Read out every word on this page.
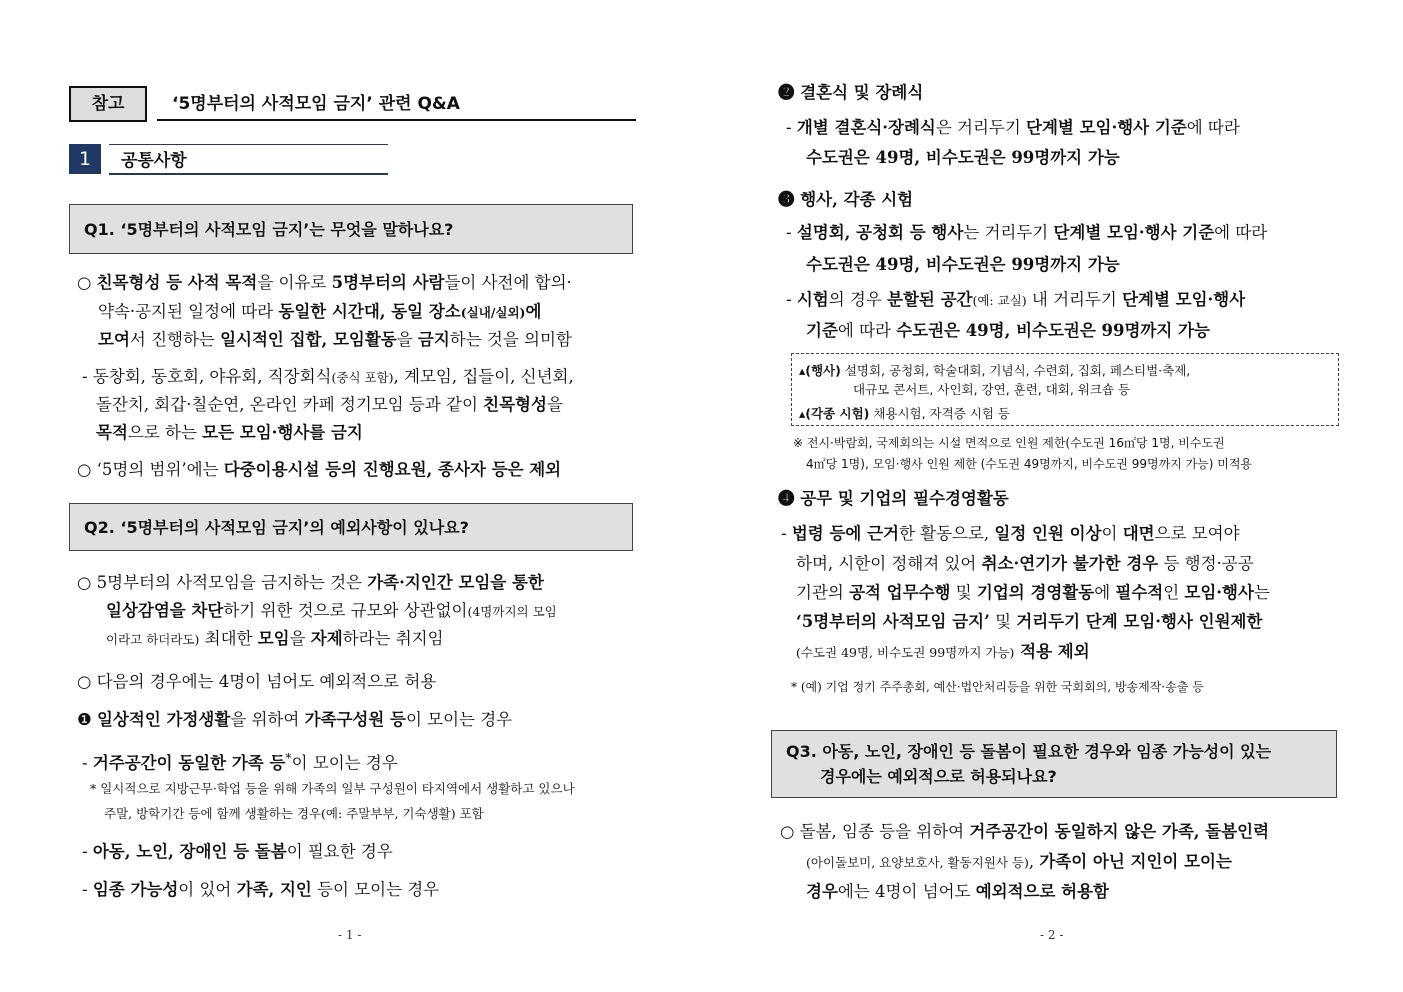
참고	‘5명부터의 사적모임 금지’ 관련 Q&A
1	공통사항
Q1. ‘5명부터의 사적모임 금지’는 무엇을 말하나요?
○ 친목형성 등 사적 목적을 이유로 5명부터의 사람들이 사전에 합의·
약속·공지된 일정에 따라 동일한 시간대, 동일 장소(실내/실외)에
모여서 진행하는 일시적인 집합, 모임활동을 금지하는 것을 의미함
- 동창회, 동호회, 야유회, 직장회식(중식 포함), 계모임, 집들이, 신년회,
돌잔치, 회갑·칠순연, 온라인 카페 정기모임 등과 같이 친목형성을
목적으로 하는 모든 모임·행사를 금지
○ ‘5명의 범위’에는 다중이용시설 등의 진행요원, 종사자 등은 제외
Q2. ‘5명부터의 사적모임 금지’의 예외사항이 있나요?
○ 5명부터의 사적모임을 금지하는 것은 가족·지인간 모임을 통한
일상감염을 차단하기 위한 것으로 규모와 상관없이(4명까지의 모임
이라고 하더라도) 최대한 모임을 자제하라는 취지임
○ 다음의 경우에는 4명이 넘어도 예외적으로 허용
❶ 일상적인 가정생활을 위하여 가족구성원 등이 모이는 경우
- 거주공간이 동일한 가족 등*이 모이는 경우
* 일시적으로 지방근무·학업 등을 위해 가족의 일부 구성원이 타지역에서 생활하고 있으나
주말, 방학기간 등에 함께 생활하는 경우(예: 주말부부, 기숙생활) 포함
- 아동, 노인, 장애인 등 돌봄이 필요한 경우
- 임종 가능성이 있어 가족, 지인 등이 모이는 경우
- 1 -
❷ 결혼식 및 장례식
- 개별 결혼식·장례식은 거리두기 단계별 모임·행사 기준에 따라
수도권은 49명, 비수도권은 99명까지 가능
❸ 행사, 각종 시험
- 설명회, 공청회 등 행사는 거리두기 단계별 모임·행사 기준에 따라
수도권은 49명, 비수도권은 99명까지 가능
- 시험의 경우 분할된 공간(예: 교실) 내 거리두기 단계별 모임·행사
기준에 따라 수도권은 49명, 비수도권은 99명까지 가능
▴(행사) 설명회, 공청회, 학술대회, 기념식, 수련회, 집회, 페스티벌·축제,
대규모 콘서트, 사인회, 강연, 훈련, 대회, 워크숍 등
▴(각종 시험) 채용시험, 자격증 시험 등
※ 전시·박람회, 국제회의는 시설 면적으로 인원 제한(수도권 16㎡당 1명, 비수도권
4㎡당 1명), 모임·행사 인원 제한 (수도권 49명까지, 비수도권 99명까지 가능) 미적용
❹ 공무 및 기업의 필수경영활동
- 법령 등에 근거한 활동으로, 일정 인원 이상이 대면으로 모여야
하며, 시한이 정해져 있어 취소·연기가 불가한 경우 등 행정·공공
기관의 공적 업무수행 및 기업의 경영활동에 필수적인 모임·행사는
‘5명부터의 사적모임 금지’ 및 거리두기 단계 모임·행사 인원제한
(수도권 49명, 비수도권 99명까지 가능) 적용 제외
* (예) 기업 정기 주주총회, 예산·법안처리등을 위한 국회회의, 방송제작·송출 등
Q3. 아동, 노인, 장애인 등 돌봄이 필요한 경우와 임종 가능성이 있는
경우에는 예외적으로 허용되나요?
○ 돌봄, 임종 등을 위하여 거주공간이 동일하지 않은 가족, 돌봄인력
(아이돌보미, 요양보호사, 활동지원사 등), 가족이 아닌 지인이 모이는
경우에는 4명이 넘어도 예외적으로 허용함
- 2 -
